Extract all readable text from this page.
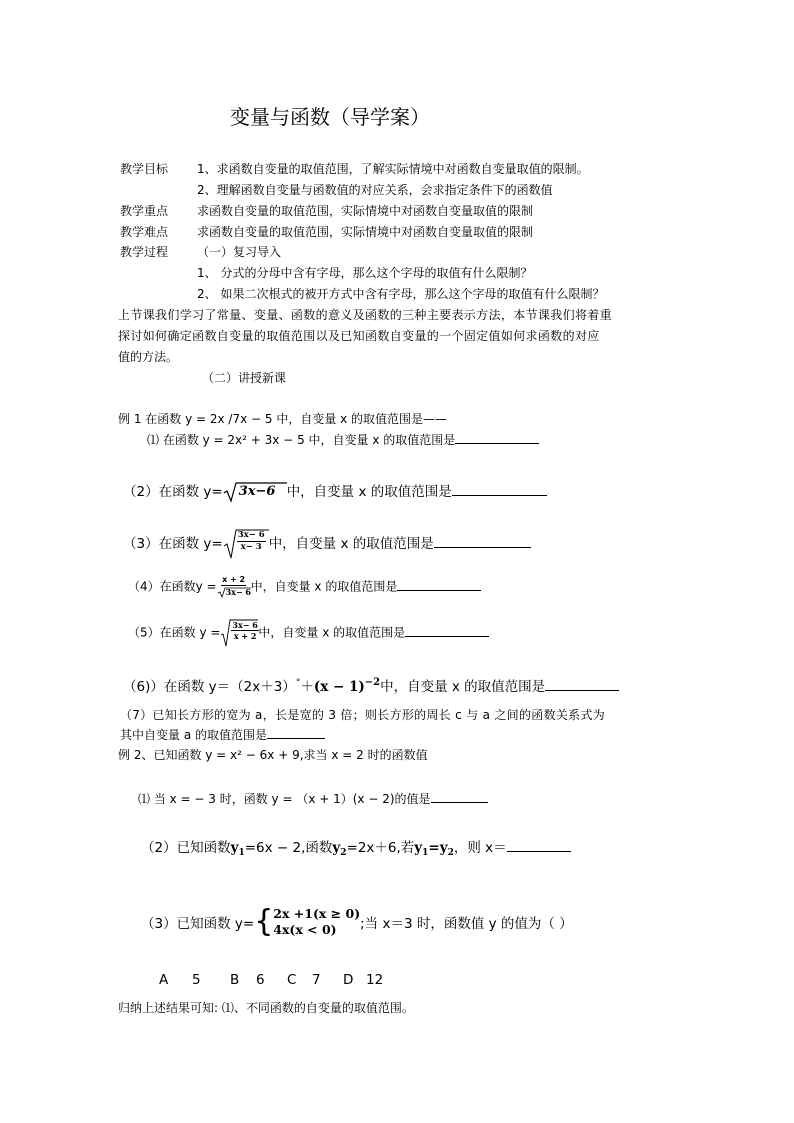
变量与函数（导学案）
教学目标 1、求函数自变量的取值范围，了解实际情境中对函数自变量取值的限制。
2、理解函数自变量与函数值的对应关系，会求指定条件下的函数值
教学重点 求函数自变量的取值范围，实际情境中对函数自变量取值的限制
教学难点 求函数自变量的取值范围，实际情境中对函数自变量取值的限制
教学过程 （一）复习导入
1、 分式的分母中含有字母，那么这个字母的取值有什么限制？
2、 如果二次根式的被开方式中含有字母，那么这个字母的取值有什么限制？
上节课我们学习了常量、变量、函数的意义及函数的三种主要表示方法，本节课我们将着重
探讨如何确定函数自变量的取值范围以及已知函数自变量的一个固定值如何求函数的对应
值的方法。
（二）讲授新课
例 1 在函数 y = 2x /7x − 5 中，自变量 x 的取值范围是——
⑴ 在函数 y = 2x² + 3x − 5 中，自变量 x 的取值范围是
（2）在函数 y= 3x−6 中，自变量 x 的取值范围是
（3）在函数 $y= \frac{3x- 6}{x- 3}$ 中，自变量 x 的取值范围是
（4）在函数$y = \frac{x + 2}{3x- 6}$ 中，自变量 x 的取值范围是
（5）在函数 $y = \frac{3x- 6}{x + 2}$ 中，自变量 x 的取值范围是
（6)）在函数 $y=(2x+3)^\circ+(x - 1)^{-2}$中，自变量 x 的取值范围是
（7）已知长方形的宽为 a，长是宽的 3 倍；则长方形的周长 c 与 a 之间的函数关系式为
其中自变量 a 的取值范围是
例 2、已知函数 y = x² − 6x + 9,求当 x = 2 时的函数值
⑴ 当 x = − 3 时，函数 y = （x + 1）(x − 2)的值是
（2）已知函数$y_1=6x - 2$,函数$y_2=2x+6$,若$y_1=y_2$，则 x＝
（3）已知函数 y= { 2x +1(x ≥ 0)
4x(x < 0)	;当 x＝3 时，函数值 y 的值为（ ）
A 5 B 6 C 7 D 12
归纳上述结果可知: ⑴、不同函数的自变量的取值范围。
